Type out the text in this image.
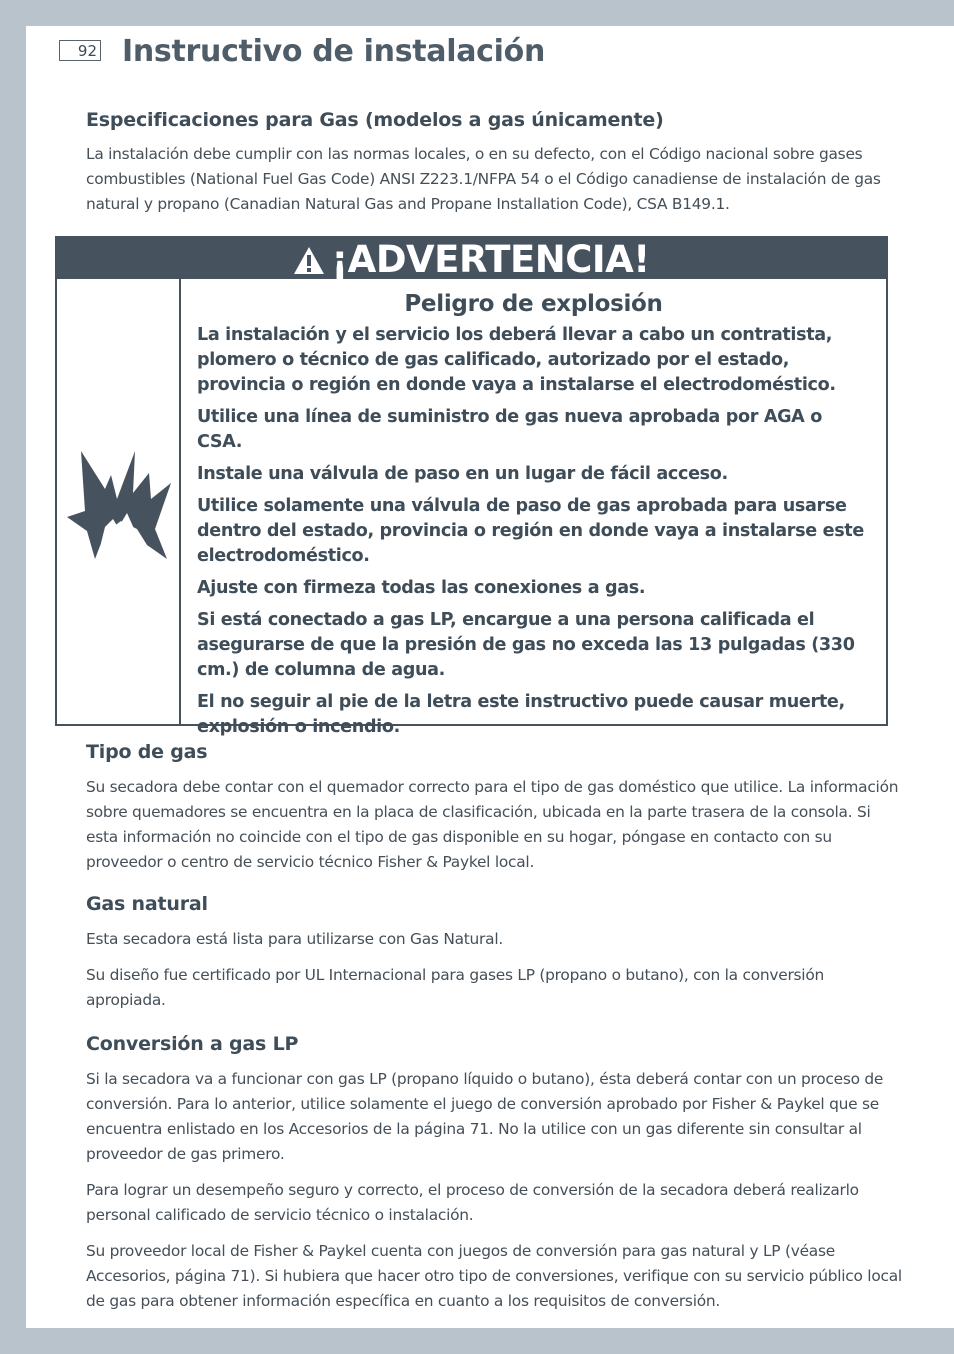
92 Instructivo de instalación
Especificaciones para Gas (modelos a gas únicamente)

La instalación debe cumplir con las normas locales, o en su defecto, con el Código nacional sobre gases combustibles (National Fuel Gas Code) ANSI Z223.1/NFPA 54 o el Código canadiense de instalación de gas natural y propano (Canadian Natural Gas and Propane Installation Code), CSA B149.1.

¡ADVERTENCIA!
Peligro de explosión

La instalación y el servicio los deberá llevar a cabo un contratista, plomero o técnico de gas calificado, autorizado por el estado, provincia o región en donde vaya a instalarse el electrodoméstico.

Utilice una línea de suministro de gas nueva aprobada por AGA o CSA.

Instale una válvula de paso en un lugar de fácil acceso.

Utilice solamente una válvula de paso de gas aprobada para usarse dentro del estado, provincia o región en donde vaya a instalarse este electrodoméstico.

Ajuste con firmeza todas las conexiones a gas.

Si está conectado a gas LP, encargue a una persona calificada el asegurarse de que la presión de gas no exceda las 13 pulgadas (330 cm.) de columna de agua.

El no seguir al pie de la letra este instructivo puede causar muerte, explosión o incendio.

Tipo de gas

Su secadora debe contar con el quemador correcto para el tipo de gas doméstico que utilice. La información sobre quemadores se encuentra en la placa de clasificación, ubicada en la parte trasera de la consola. Si esta información no coincide con el tipo de gas disponible en su hogar, póngase en contacto con su proveedor o centro de servicio técnico Fisher & Paykel local.

Gas natural

Esta secadora está lista para utilizarse con Gas Natural.

Su diseño fue certificado por UL Internacional para gases LP (propano o butano), con la conversión apropiada.

Conversión a gas LP

Si la secadora va a funcionar con gas LP (propano líquido o butano), ésta deberá contar con un proceso de conversión. Para lo anterior, utilice solamente el juego de conversión aprobado por Fisher & Paykel que se encuentra enlistado en los Accesorios de la página 71. No la utilice con un gas diferente sin consultar al proveedor de gas primero.

Para lograr un desempeño seguro y correcto, el proceso de conversión de la secadora deberá realizarlo personal calificado de servicio técnico o instalación.

Su proveedor local de Fisher & Paykel cuenta con juegos de conversión para gas natural y LP (véase Accesorios, página 71). Si hubiera que hacer otro tipo de conversiones, verifique con su servicio público local de gas para obtener información específica en cuanto a los requisitos de conversión.
